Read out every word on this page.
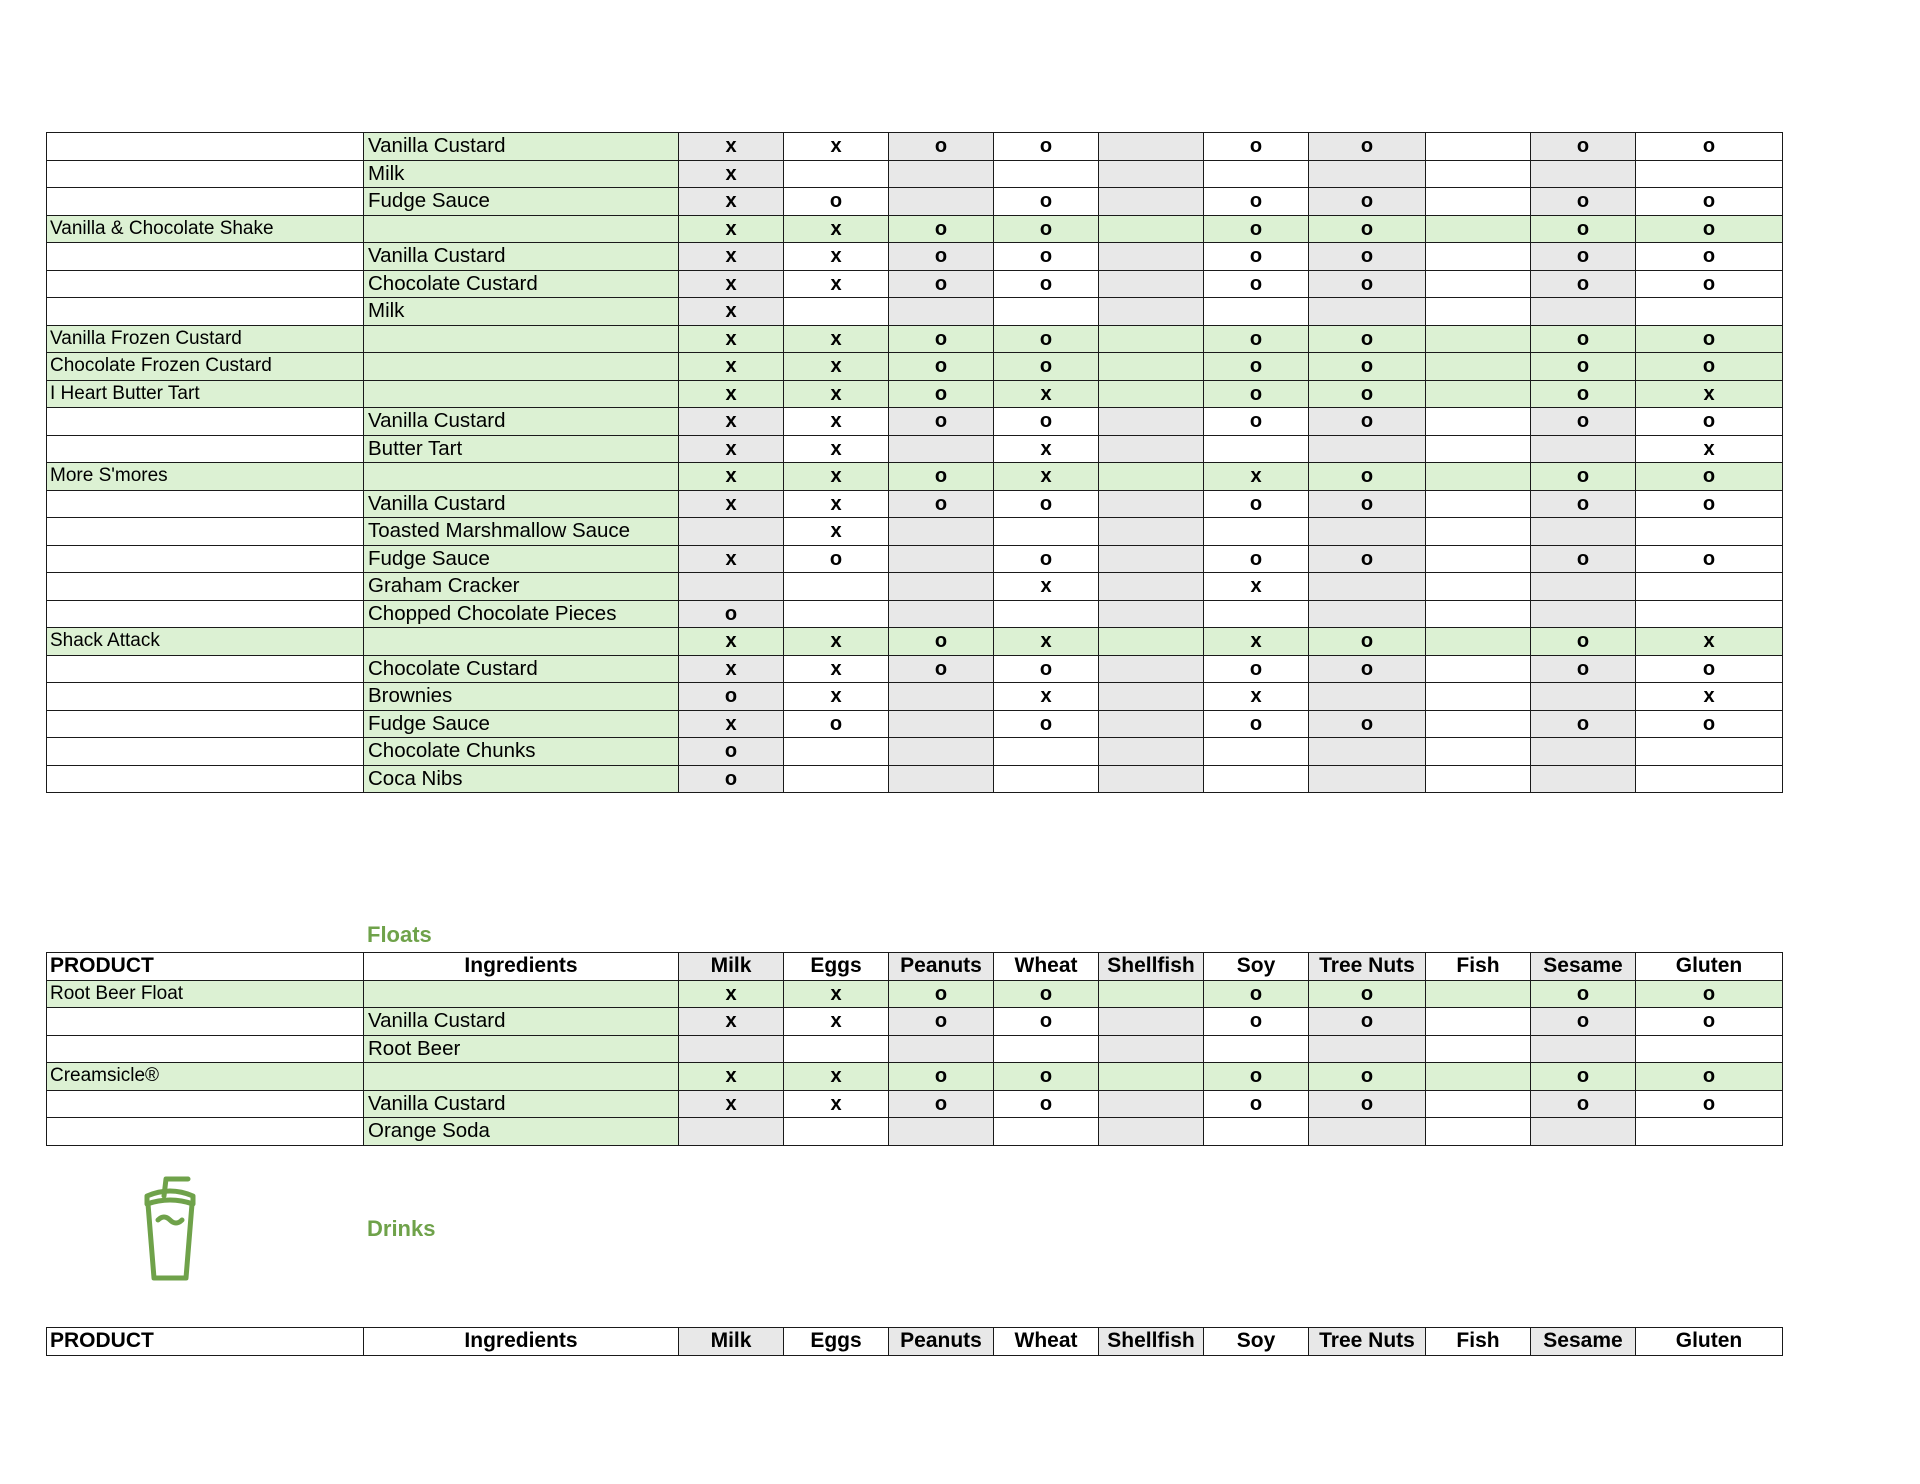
	Vanilla Custard	x	x	o	o		o	o		o	o	
	Milk	x										
	Fudge Sauce	x	o		o		o	o		o	o	
Vanilla & Chocolate Shake		x	x	o	o		o	o		o	o	
	Vanilla Custard	x	x	o	o		o	o		o	o	
	Chocolate Custard	x	x	o	o		o	o		o	o	
	Milk	x										
Vanilla Frozen Custard		x	x	o	o		o	o		o	o	
Chocolate Frozen Custard		x	x	o	o		o	o		o	o	
I Heart Butter Tart		x	x	o	x		o	o		o	x	
	Vanilla Custard	x	x	o	o		o	o		o	o	
	Butter Tart	x	x		x						x	
More S'mores		x	x	o	x		x	o		o	o	
	Vanilla Custard	x	x	o	o		o	o		o	o	
	Toasted Marshmallow Sauce		x									
	Fudge Sauce	x	o		o		o	o		o	o	
	Graham Cracker				x		x					
	Chopped Chocolate Pieces	o										
Shack Attack		x	x	o	x		x	o		o	x	
	Chocolate Custard	x	x	o	o		o	o		o	o	
	Brownies	o	x		x		x				x	
	Fudge Sauce	x	o		o		o	o		o	o	
	Chocolate Chunks	o										
	Coca Nibs	o										
Floats
PRODUCT	Ingredients	Milk	Eggs	Peanuts	Wheat	Shellfish	Soy	Tree Nuts	Fish	Sesame	Gluten	
Root Beer Float		x	x	o	o		o	o		o	o	
	Vanilla Custard	x	x	o	o		o	o		o	o	
	Root Beer											
Creamsicle®		x	x	o	o		o	o		o	o	
	Vanilla Custard	x	x	o	o		o	o		o	o	
	Orange Soda											
Drinks
PRODUCT	Ingredients	Milk	Eggs	Peanuts	Wheat	Shellfish	Soy	Tree Nuts	Fish	Sesame	Gluten	
